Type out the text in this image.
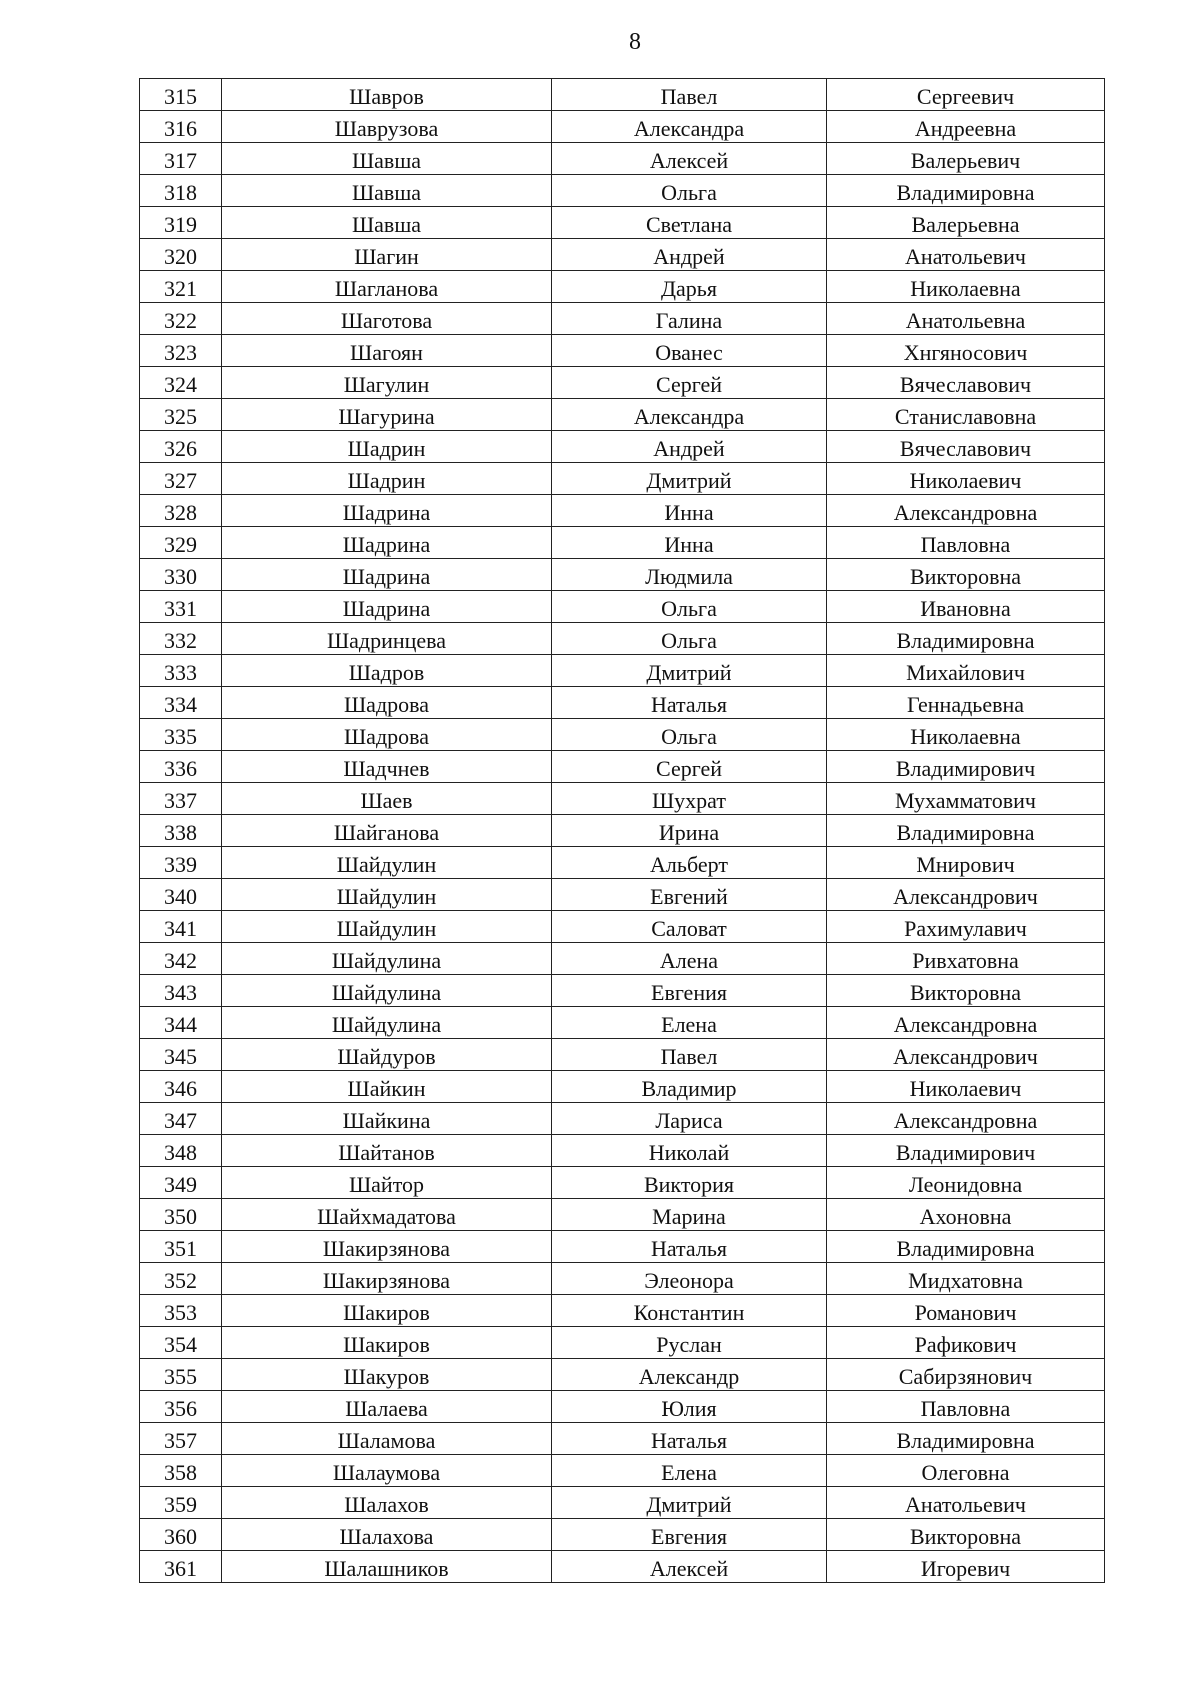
8
315	Шавров	Павел	Сергеевич
316	Шаврузова	Александра	Андреевна
317	Шавша	Алексей	Валерьевич
318	Шавша	Ольга	Владимировна
319	Шавша	Светлана	Валерьевна
320	Шагин	Андрей	Анатольевич
321	Шагланова	Дарья	Николаевна
322	Шаготова	Галина	Анатольевна
323	Шагоян	Ованес	Хнгяносович
324	Шагулин	Сергей	Вячеславович
325	Шагурина	Александра	Станиславовна
326	Шадрин	Андрей	Вячеславович
327	Шадрин	Дмитрий	Николаевич
328	Шадрина	Инна	Александровна
329	Шадрина	Инна	Павловна
330	Шадрина	Людмила	Викторовна
331	Шадрина	Ольга	Ивановна
332	Шадринцева	Ольга	Владимировна
333	Шадров	Дмитрий	Михайлович
334	Шадрова	Наталья	Геннадьевна
335	Шадрова	Ольга	Николаевна
336	Шадчнев	Сергей	Владимирович
337	Шаев	Шухрат	Мухамматович
338	Шайганова	Ирина	Владимировна
339	Шайдулин	Альберт	Мнирович
340	Шайдулин	Евгений	Александрович
341	Шайдулин	Саловат	Рахимулавич
342	Шайдулина	Алена	Ривхатовна
343	Шайдулина	Евгения	Викторовна
344	Шайдулина	Елена	Александровна
345	Шайдуров	Павел	Александрович
346	Шайкин	Владимир	Николаевич
347	Шайкина	Лариса	Александровна
348	Шайтанов	Николай	Владимирович
349	Шайтор	Виктория	Леонидовна
350	Шайхмадатова	Марина	Ахоновна
351	Шакирзянова	Наталья	Владимировна
352	Шакирзянова	Элеонора	Мидхатовна
353	Шакиров	Константин	Романович
354	Шакиров	Руслан	Рафикович
355	Шакуров	Александр	Сабирзянович
356	Шалаева	Юлия	Павловна
357	Шаламова	Наталья	Владимировна
358	Шалаумова	Елена	Олеговна
359	Шалахов	Дмитрий	Анатольевич
360	Шалахова	Евгения	Викторовна
361	Шалашников	Алексей	Игоревич
